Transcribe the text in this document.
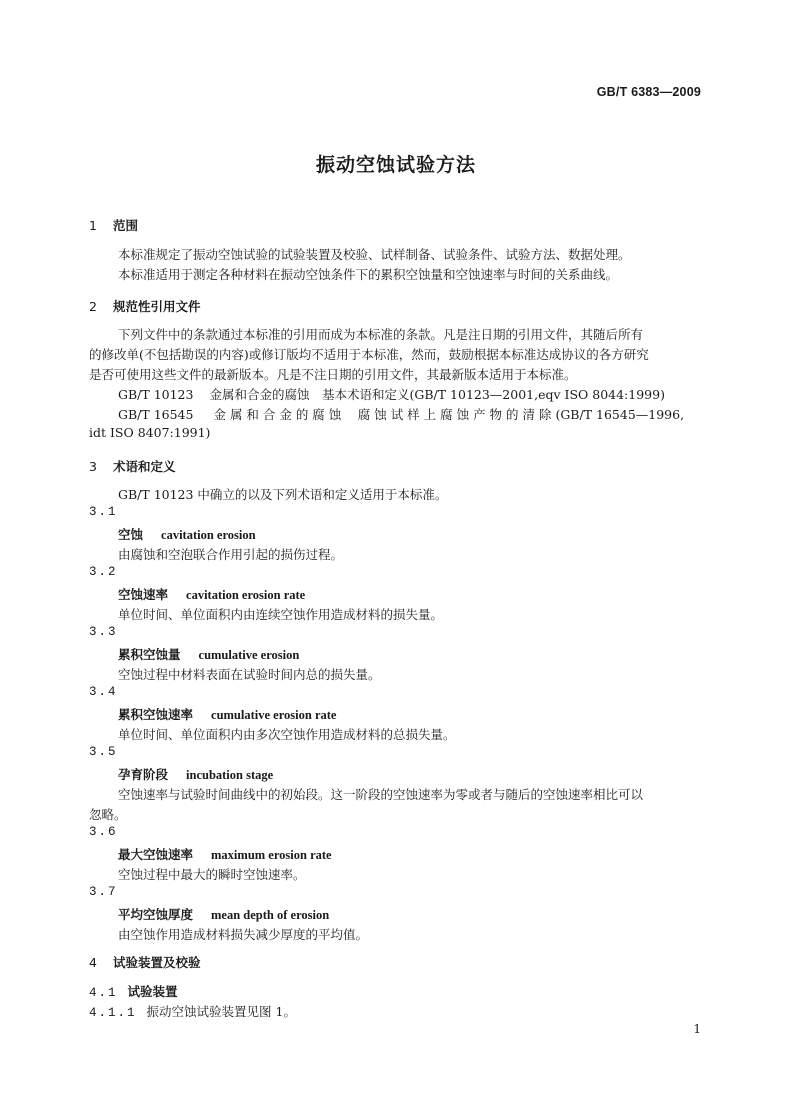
GB/T 6383—2009
振动空蚀试验方法
1 范围
本标准规定了振动空蚀试验的试验装置及校验、试样制备、试验条件、试验方法、数据处理。
本标准适用于测定各种材料在振动空蚀条件下的累积空蚀量和空蚀速率与时间的关系曲线。
2 规范性引用文件
下列文件中的条款通过本标准的引用而成为本标准的条款。凡是注日期的引用文件，其随后所有
的修改单(不包括勘误的内容)或修订版均不适用于本标准，然而，鼓励根据本标准达成协议的各方研究
是否可使用这些文件的最新版本。凡是不注日期的引用文件，其最新版本适用于本标准。
GB/T 10123 金属和合金的腐蚀　基本术语和定义(GB/T 10123—2001,eqv ISO 8044:1999)
GB/T 16545 金 属 和 合 金 的 腐 蚀　 腐 蚀 试 样 上 腐 蚀 产 物 的 清 除 (GB/T 16545—1996,
idt ISO 8407:1991)
3 术语和定义
GB/T 10123 中确立的以及下列术语和定义适用于本标准。
3.1
空蚀 cavitation erosion
由腐蚀和空泡联合作用引起的损伤过程。
3.2
空蚀速率 cavitation erosion rate
单位时间、单位面积内由连续空蚀作用造成材料的损失量。
3.3
累积空蚀量 cumulative erosion
空蚀过程中材料表面在试验时间内总的损失量。
3.4
累积空蚀速率 cumulative erosion rate
单位时间、单位面积内由多次空蚀作用造成材料的总损失量。
3.5
孕育阶段 incubation stage
空蚀速率与试验时间曲线中的初始段。这一阶段的空蚀速率为零或者与随后的空蚀速率相比可以
忽略。
3.6
最大空蚀速率 maximum erosion rate
空蚀过程中最大的瞬时空蚀速率。
3.7
平均空蚀厚度 mean depth of erosion
由空蚀作用造成材料损失减少厚度的平均值。
4 试验装置及校验
4.1 试验装置
4.1.1 振动空蚀试验装置见图 1。
1
